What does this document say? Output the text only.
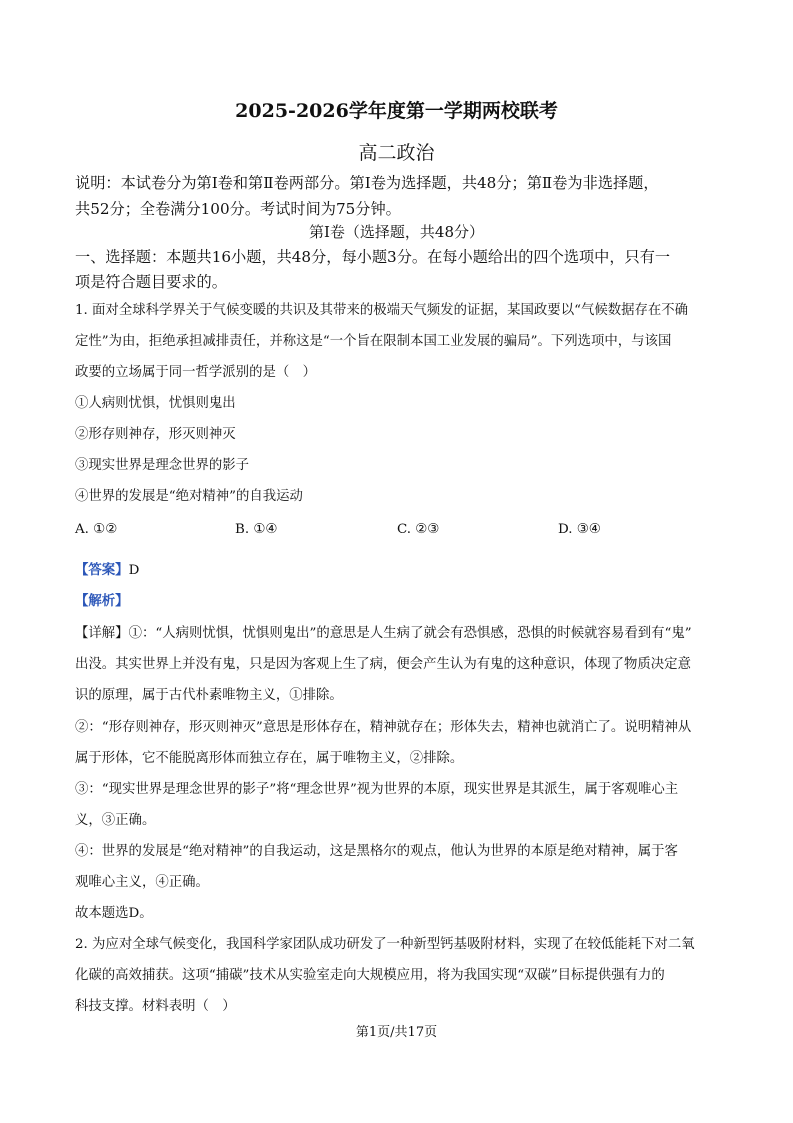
2025-2026学年度第一学期两校联考
高二政治
说明：本试卷分为第Ⅰ卷和第Ⅱ卷两部分。第Ⅰ卷为选择题，共48分；第Ⅱ卷为非选择题，
共52分；全卷满分100分。考试时间为75分钟。
第Ⅰ卷（选择题，共48分）
一、选择题：本题共16小题，共48分，每小题3分。在每小题给出的四个选项中，只有一
项是符合题目要求的。
1. 面对全球科学界关于气候变暖的共识及其带来的极端天气频发的证据，某国政要以“气候数据存在不确
定性”为由，拒绝承担减排责任，并称这是“一个旨在限制本国工业发展的骗局”。下列选项中，与该国
政要的立场属于同一哲学派别的是（　）
①人病则忧惧，忧惧则鬼出
②形存则神存，形灭则神灭
③现实世界是理念世界的影子
④世界的发展是“绝对精神”的自我运动
A. ①②	B. ①④	C. ②③	D. ③④
【答案】D
【解析】
【详解】①：“人病则忧惧，忧惧则鬼出”的意思是人生病了就会有恐惧感，恐惧的时候就容易看到有“鬼”
出没。其实世界上并没有鬼，只是因为客观上生了病，便会产生认为有鬼的这种意识，体现了物质决定意
识的原理，属于古代朴素唯物主义，①排除。
②：“形存则神存，形灭则神灭”意思是形体存在，精神就存在；形体失去，精神也就消亡了。说明精神从
属于形体，它不能脱离形体而独立存在，属于唯物主义，②排除。
③：“现实世界是理念世界的影子”将“理念世界”视为世界的本原，现实世界是其派生，属于客观唯心主
义，③正确。
④：世界的发展是“绝对精神”的自我运动，这是黑格尔的观点，他认为世界的本原是绝对精神，属于客
观唯心主义，④正确。
故本题选D。
2. 为应对全球气候变化，我国科学家团队成功研发了一种新型钙基吸附材料，实现了在较低能耗下对二氧
化碳的高效捕获。这项“捕碳”技术从实验室走向大规模应用，将为我国实现“双碳”目标提供强有力的
科技支撑。材料表明（　）
第1页/共17页
